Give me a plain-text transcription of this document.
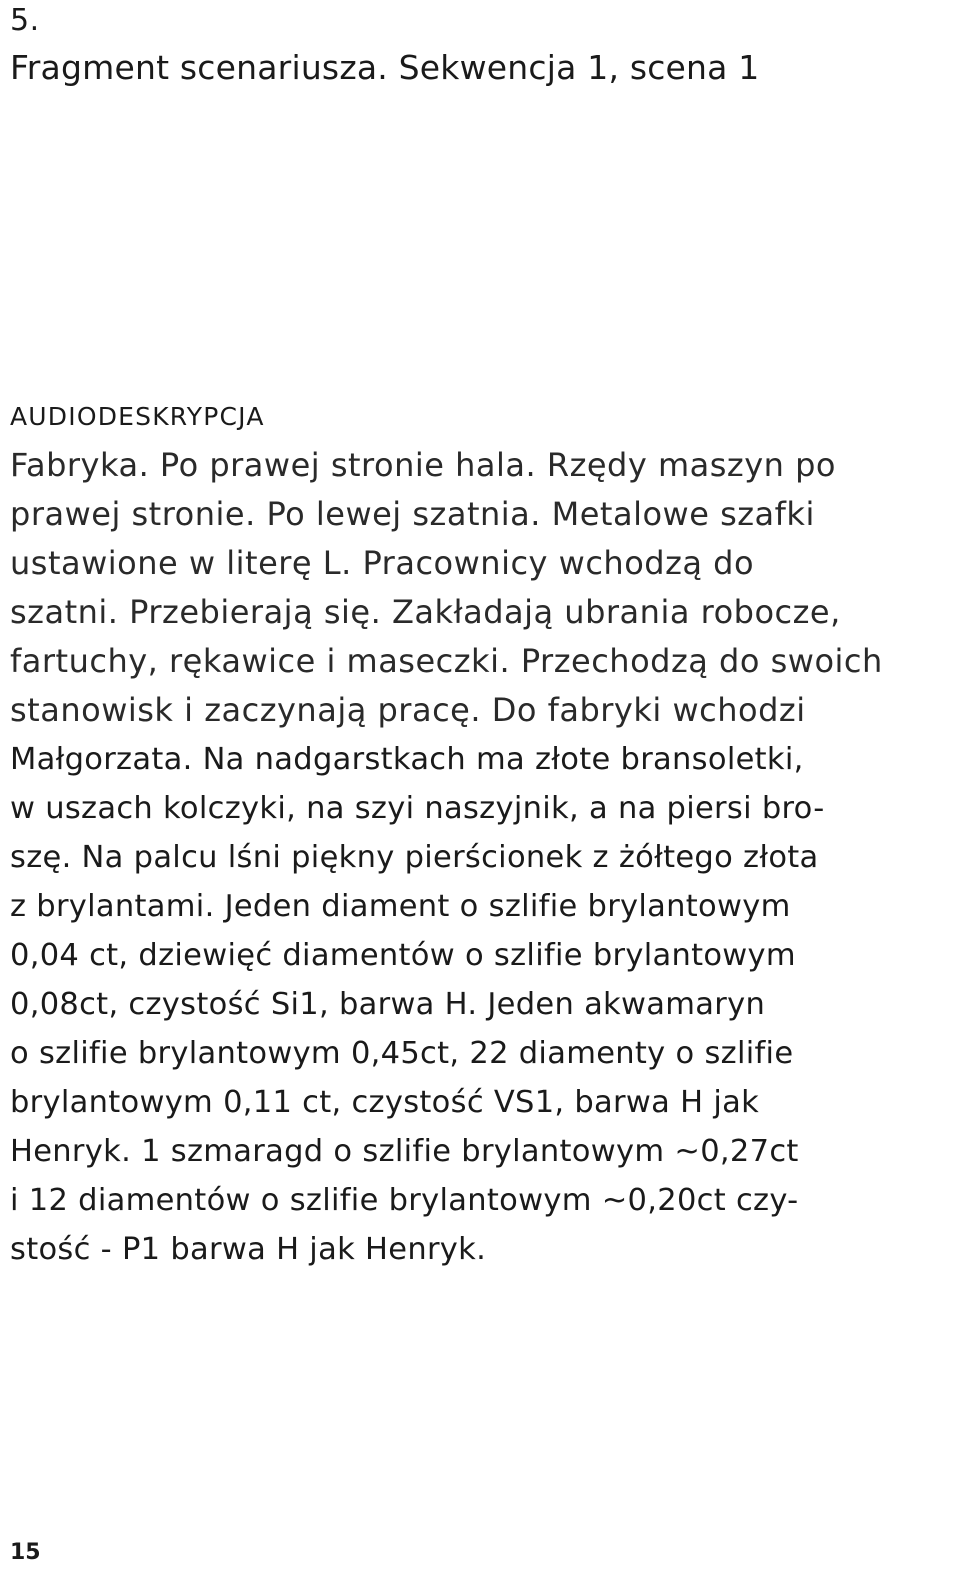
5.

Fragment scenariusza. Sekwencja 1, scena 1

AUDIODESKRYPCJA

Fabryka. Po prawej stronie hala. Rzędy maszyn po
prawej stronie. Po lewej szatnia. Metalowe szafki
ustawione w literę L. Pracownicy wchodzą do
szatni. Przebierają się. Zakładają ubrania robocze,
fartuchy, rękawice i maseczki. Przechodzą do swoich
stanowisk i zaczynają pracę. Do fabryki wchodzi

Małgorzata. Na nadgarstkach ma złote bransoletki,
w uszach kolczyki, na szyi naszyjnik, a na piersi bro-
szę. Na palcu lśni piękny pierścionek z żółtego złota
z brylantami. Jeden diament o szlifie brylantowym
0,04 ct, dziewięć diamentów o szlifie brylantowym
0,08ct, czystość Si1, barwa H. Jeden akwamaryn
o szlifie brylantowym 0,45ct, 22 diamenty o szlifie
brylantowym 0,11 ct, czystość VS1, barwa H jak
Henryk. 1 szmaragd o szlifie brylantowym ~0,27ct
i 12 diamentów o szlifie brylantowym ~0,20ct czy-
stość - P1 barwa H jak Henryk.

15
